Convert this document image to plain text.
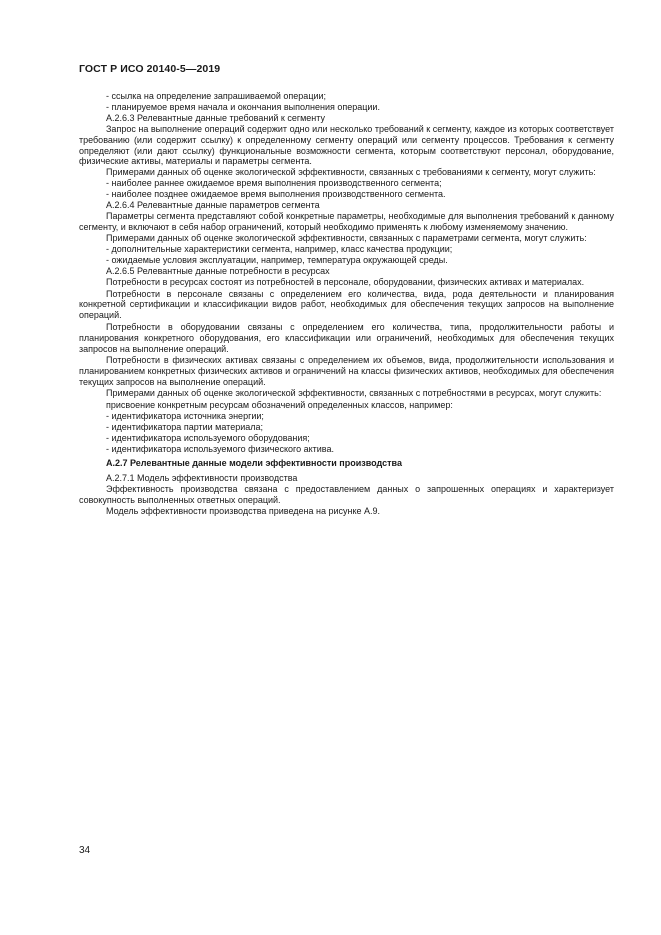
ГОСТ Р ИСО 20140-5—2019

- ссылка на определение запрашиваемой операции;

- планируемое время начала и окончания выполнения операции.

A.2.6.3 Релевантные данные требований к сегменту

Запрос на выполнение операций содержит одно или несколько требований к сегменту, каждое из которых соответствует требованию (или содержит ссылку) к определенному сегменту операций или сегменту процессов. Требования к сегменту определяют (или дают ссылку) функциональные возможности сегмента, которым соответствуют персонал, оборудование, физические активы, материалы и параметры сегмента.

Примерами данных об оценке экологической эффективности, связанных с требованиями к сегменту, могут служить:

- наиболее раннее ожидаемое время выполнения производственного сегмента;

- наиболее позднее ожидаемое время выполнения производственного сегмента.

A.2.6.4 Релевантные данные параметров сегмента

Параметры сегмента представляют собой конкретные параметры, необходимые для выполнения требований к данному сегменту, и включают в себя набор ограничений, который необходимо применять к любому изменяемому значению.

Примерами данных об оценке экологической эффективности, связанных с параметрами сегмента, могут служить:

- дополнительные характеристики сегмента, например, класс качества продукции;

- ожидаемые условия эксплуатации, например, температура окружающей среды.

A.2.6.5 Релевантные данные потребности в ресурсах

Потребности в ресурсах состоят из потребностей в персонале, оборудовании, физических активах и материалах.

Потребности в персонале связаны с определением его количества, вида, рода деятельности и планирования конкретной сертификации и классификации видов работ, необходимых для обеспечения текущих запросов на выполнение операций.

Потребности в оборудовании связаны с определением его количества, типа, продолжительности работы и планирования конкретного оборудования, его классификации или ограничений, необходимых для обеспечения текущих запросов на выполнение операций.

Потребности в физических активах связаны с определением их объемов, вида, продолжительности использования и планированием конкретных физических активов и ограничений на классы физических активов, необходимых для обеспечения текущих запросов на выполнение операций.

Примерами данных об оценке экологической эффективности, связанных с потребностями в ресурсах, могут служить:

присвоение конкретным ресурсам обозначений определенных классов, например:

- идентификатора источника энергии;

- идентификатора партии материала;

- идентификатора используемого оборудования;

- идентификатора используемого физического актива.

A.2.7 Релевантные данные модели эффективности производства

A.2.7.1 Модель эффективности производства

Эффективность производства связана с предоставлением данных о запрошенных операциях и характеризует совокупность выполненных ответных операций.

Модель эффективности производства приведена на рисунке A.9.

34
